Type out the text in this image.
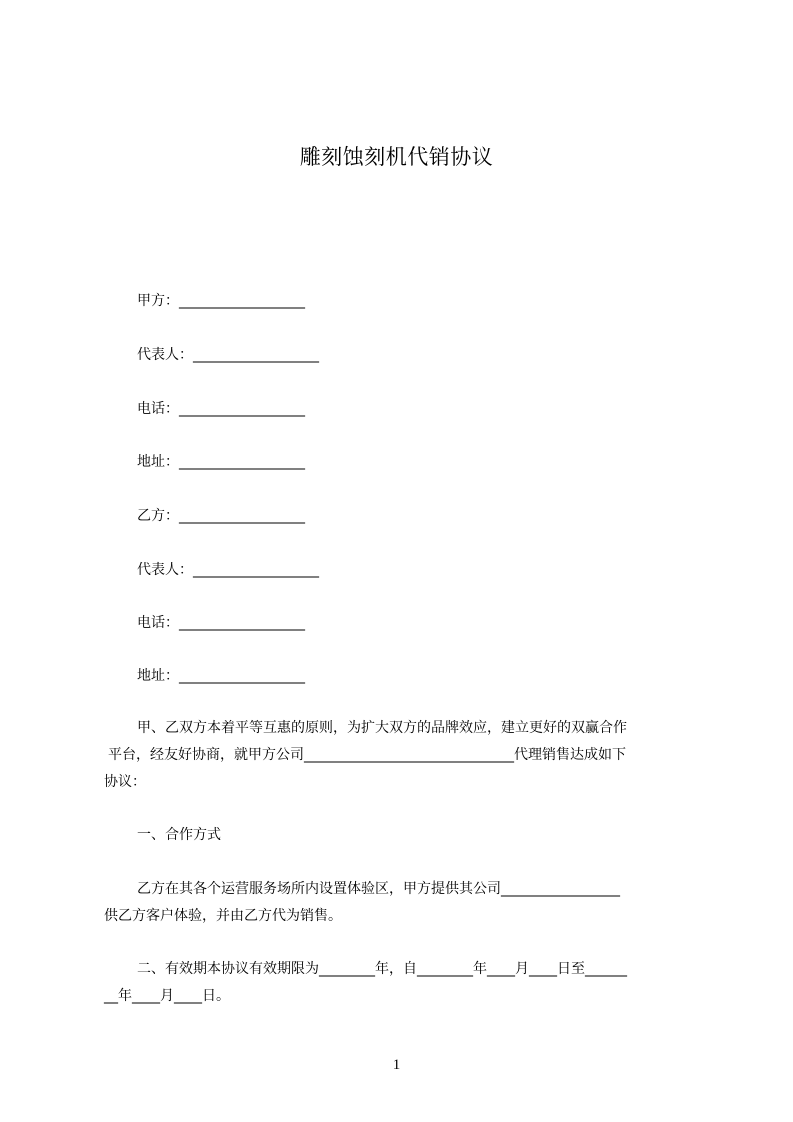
雕刻蚀刻机代销协议
甲方：__________________
代表人：__________________
电话：__________________
地址：__________________
乙方：__________________
代表人：__________________
电话：__________________
地址：__________________
甲、乙双方本着平等互惠的原则，为扩大双方的品牌效应，建立更好的双赢合作
平台，经友好协商，就甲方公司______________________________代理销售达成如下
协议：
一、合作方式
乙方在其各个运营服务场所内设置体验区，甲方提供其公司_________________
供乙方客户体验，并由乙方代为销售。
二、有效期本协议有效期限为________年，自________年____月____日至______
__年____月____日。
1
